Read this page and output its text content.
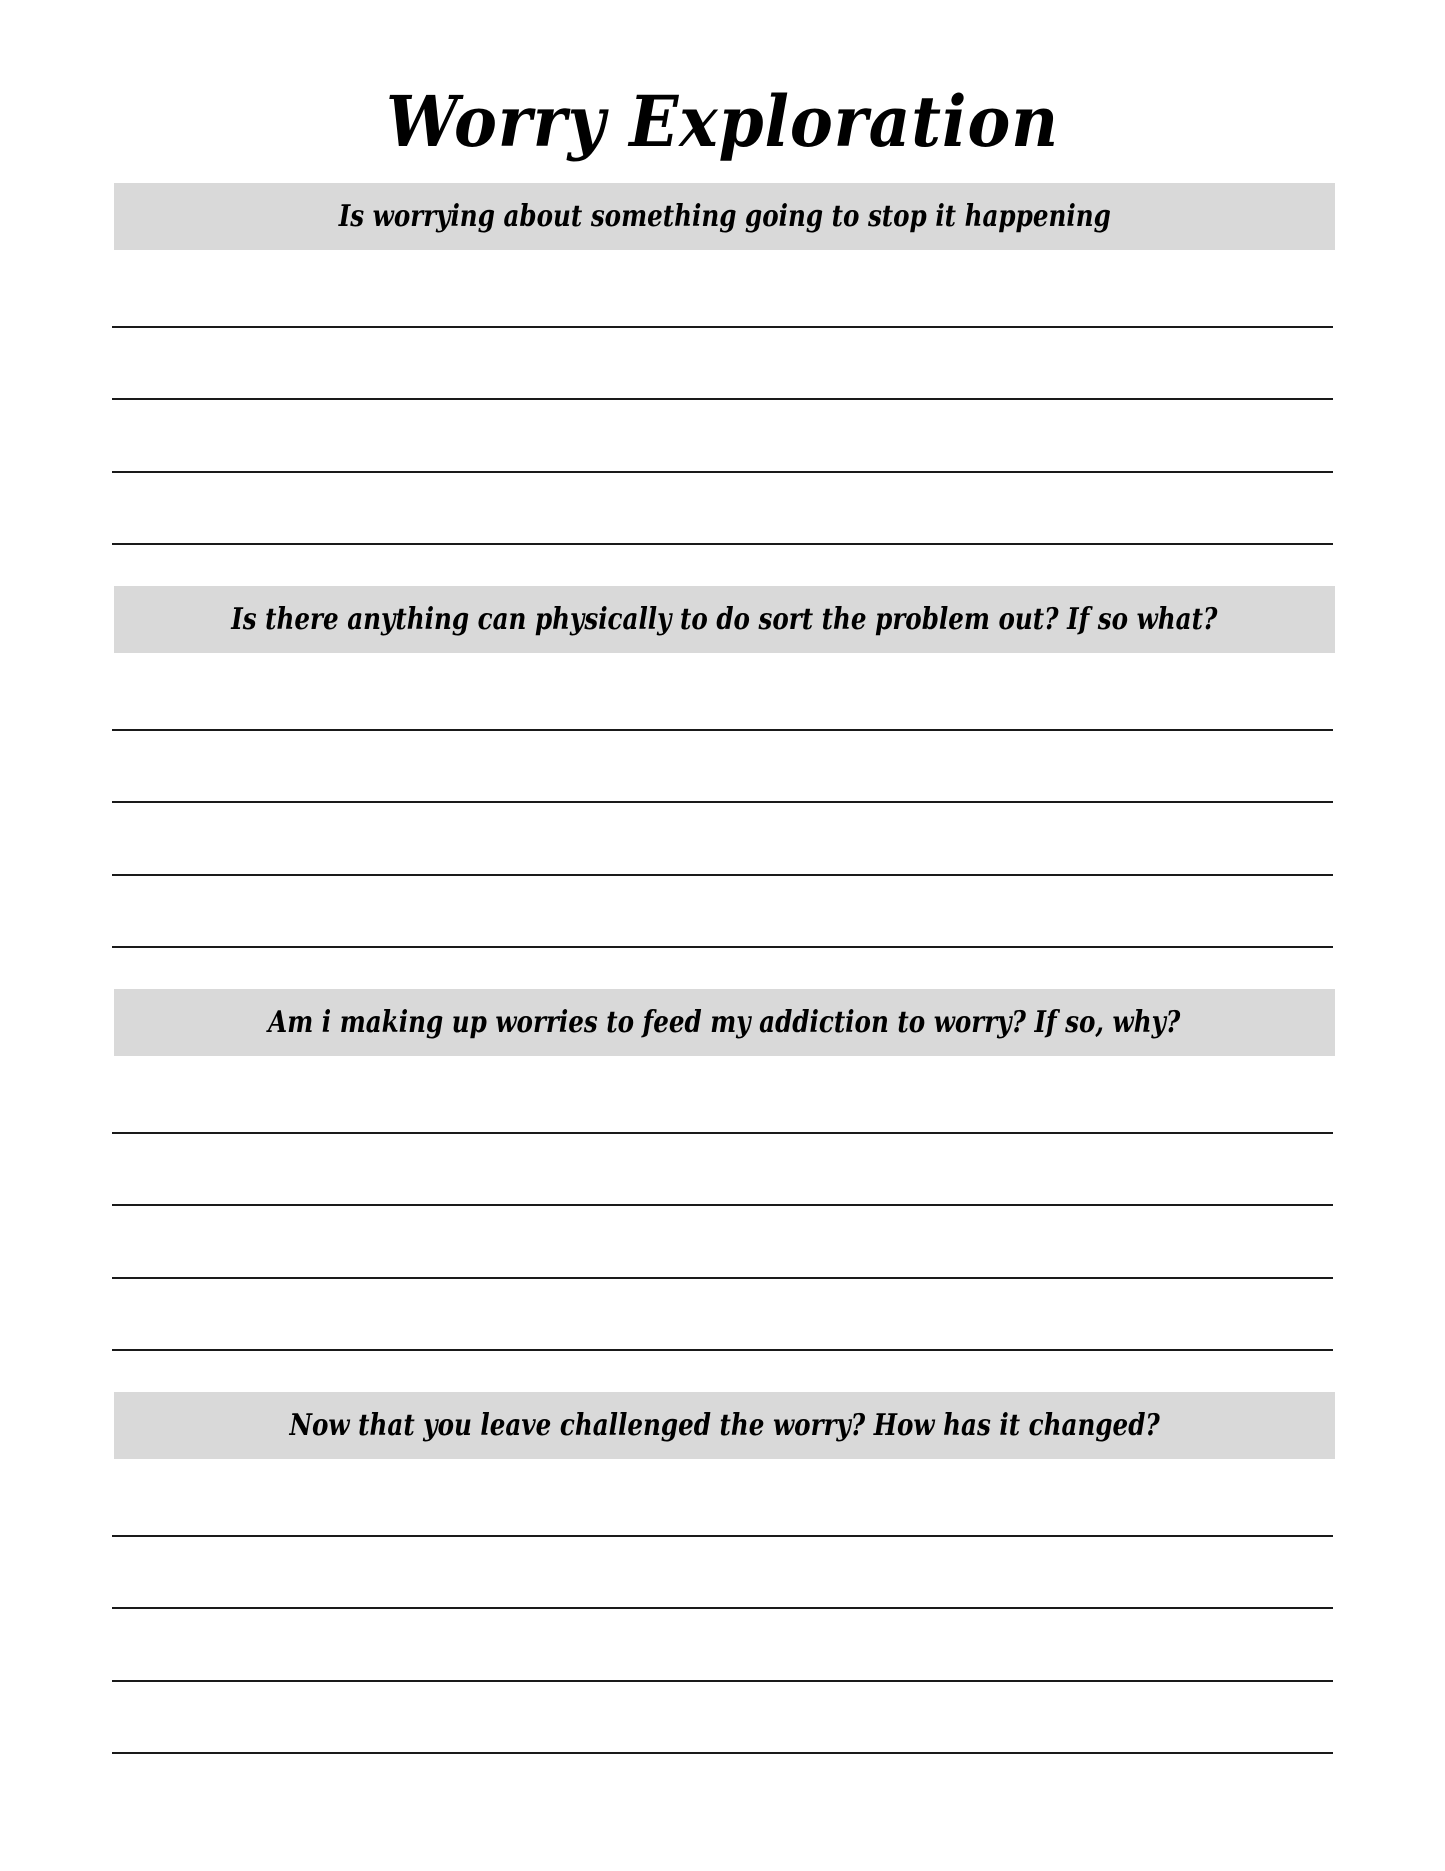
Worry Exploration
Is worrying about something going to stop it happening
Is there anything can physically to do sort the problem out? If so what?
Am i making up worries to feed my addiction to worry? If so, why?
Now that you leave challenged the worry? How has it changed?
